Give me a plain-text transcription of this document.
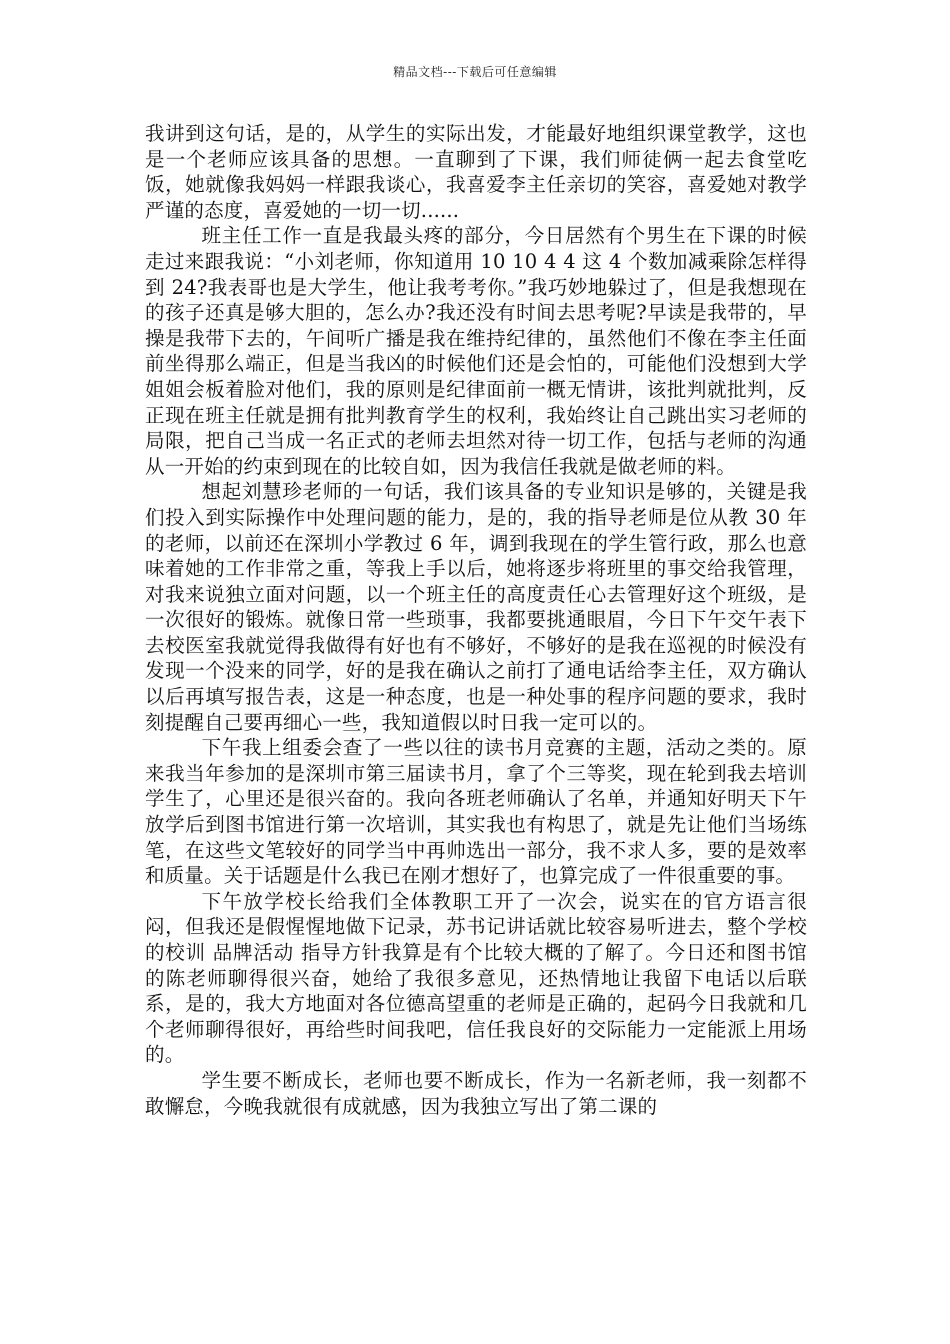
精品文档---下载后可任意编辑

我讲到这句话，是的，从学生的实际出发，才能最好地组织课堂教学，这也是一个老师应该具备的思想。一直聊到了下课，我们师徒俩一起去食堂吃饭，她就像我妈妈一样跟我谈心，我喜爱李主任亲切的笑容，喜爱她对教学严谨的态度，喜爱她的一切一切......

班主任工作一直是我最头疼的部分，今日居然有个男生在下课的时候走过来跟我说：“小刘老师，你知道用 10 10 4 4 这 4 个数加减乘除怎样得到 24?我表哥也是大学生，他让我考考你。”我巧妙地躲过了，但是我想现在的孩子还真是够大胆的，怎么办?我还没有时间去思考呢?早读是我带的，早操是我带下去的，午间听广播是我在维持纪律的，虽然他们不像在李主任面前坐得那么端正，但是当我凶的时候他们还是会怕的，可能他们没想到大学姐姐会板着脸对他们，我的原则是纪律面前一概无情讲，该批判就批判，反正现在班主任就是拥有批判教育学生的权利，我始终让自己跳出实习老师的局限，把自己当成一名正式的老师去坦然对待一切工作，包括与老师的沟通从一开始的约束到现在的比较自如，因为我信任我就是做老师的料。

想起刘慧珍老师的一句话，我们该具备的专业知识是够的，关键是我们投入到实际操作中处理问题的能力，是的，我的指导老师是位从教 30 年的老师，以前还在深圳小学教过 6 年，调到我现在的学生管行政，那么也意味着她的工作非常之重，等我上手以后，她将逐步将班里的事交给我管理，对我来说独立面对问题，以一个班主任的高度责任心去管理好这个班级，是一次很好的锻炼。就像日常一些琐事，我都要挑通眼眉，今日下午交午表下去校医室我就觉得我做得有好也有不够好，不够好的是我在巡视的时候没有发现一个没来的同学，好的是我在确认之前打了通电话给李主任，双方确认以后再填写报告表，这是一种态度，也是一种处事的程序问题的要求，我时刻提醒自己要再细心一些，我知道假以时日我一定可以的。

下午我上组委会查了一些以往的读书月竞赛的主题，活动之类的。原来我当年参加的是深圳市第三届读书月，拿了个三等奖，现在轮到我去培训学生了，心里还是很兴奋的。我向各班老师确认了名单，并通知好明天下午放学后到图书馆进行第一次培训，其实我也有构思了，就是先让他们当场练笔，在这些文笔较好的同学当中再帅选出一部分，我不求人多，要的是效率和质量。关于话题是什么我已在刚才想好了，也算完成了一件很重要的事。

下午放学校长给我们全体教职工开了一次会，说实在的官方语言很闷，但我还是假惺惺地做下记录，苏书记讲话就比较容易听进去，整个学校的校训 品牌活动 指导方针我算是有个比较大概的了解了。今日还和图书馆的陈老师聊得很兴奋，她给了我很多意见，还热情地让我留下电话以后联系，是的，我大方地面对各位德高望重的老师是正确的，起码今日我就和几个老师聊得很好，再给些时间我吧，信任我良好的交际能力一定能派上用场的。

学生要不断成长，老师也要不断成长，作为一名新老师，我一刻都不敢懈怠，今晚我就很有成就感，因为我独立写出了第二课的
